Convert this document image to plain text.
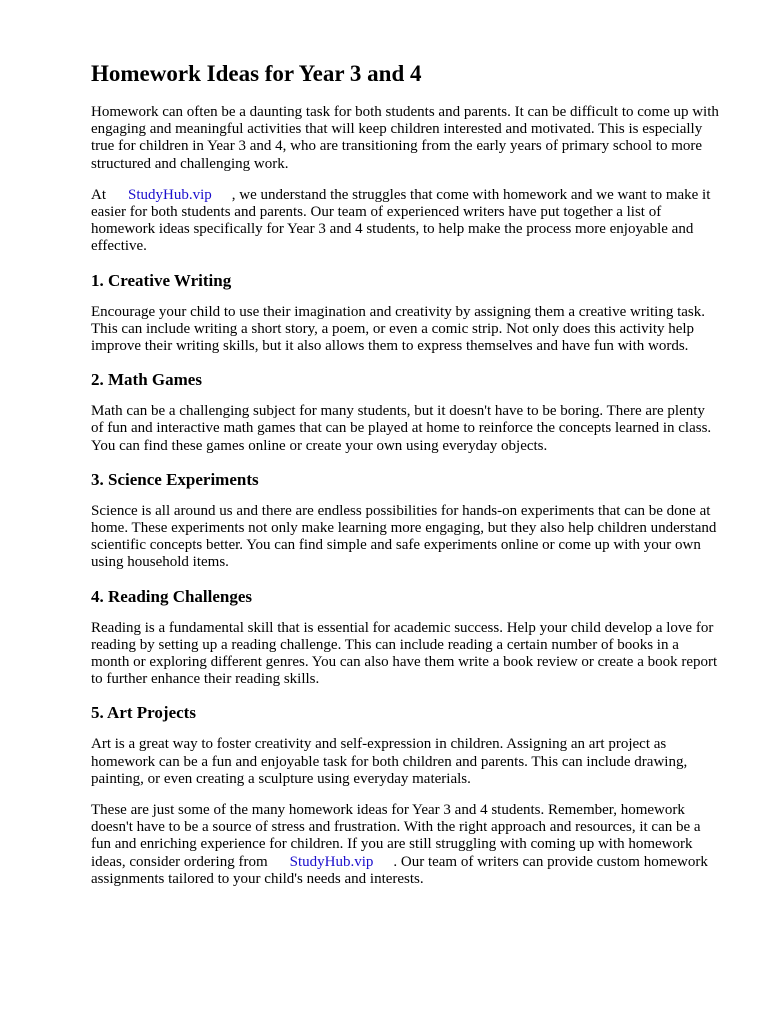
Homework Ideas for Year 3 and 4

Homework can often be a daunting task for both students and parents. It can be difficult to come up with engaging and meaningful activities that will keep children interested and motivated. This is especially true for children in Year 3 and 4, who are transitioning from the early years of primary school to more structured and challenging work.

At StudyHub.vip , we understand the struggles that come with homework and we want to make it easier for both students and parents. Our team of experienced writers have put together a list of homework ideas specifically for Year 3 and 4 students, to help make the process more enjoyable and effective.

1. Creative Writing

Encourage your child to use their imagination and creativity by assigning them a creative writing task. This can include writing a short story, a poem, or even a comic strip. Not only does this activity help improve their writing skills, but it also allows them to express themselves and have fun with words.

2. Math Games

Math can be a challenging subject for many students, but it doesn't have to be boring. There are plenty of fun and interactive math games that can be played at home to reinforce the concepts learned in class. You can find these games online or create your own using everyday objects.

3. Science Experiments

Science is all around us and there are endless possibilities for hands-on experiments that can be done at home. These experiments not only make learning more engaging, but they also help children understand scientific concepts better. You can find simple and safe experiments online or come up with your own using household items.

4. Reading Challenges

Reading is a fundamental skill that is essential for academic success. Help your child develop a love for reading by setting up a reading challenge. This can include reading a certain number of books in a month or exploring different genres. You can also have them write a book review or create a book report to further enhance their reading skills.

5. Art Projects

Art is a great way to foster creativity and self-expression in children. Assigning an art project as homework can be a fun and enjoyable task for both children and parents. This can include drawing, painting, or even creating a sculpture using everyday materials.

These are just some of the many homework ideas for Year 3 and 4 students. Remember, homework doesn't have to be a source of stress and frustration. With the right approach and resources, it can be a fun and enriching experience for children. If you are still struggling with coming up with homework ideas, consider ordering from StudyHub.vip . Our team of writers can provide custom homework assignments tailored to your child's needs and interests.
